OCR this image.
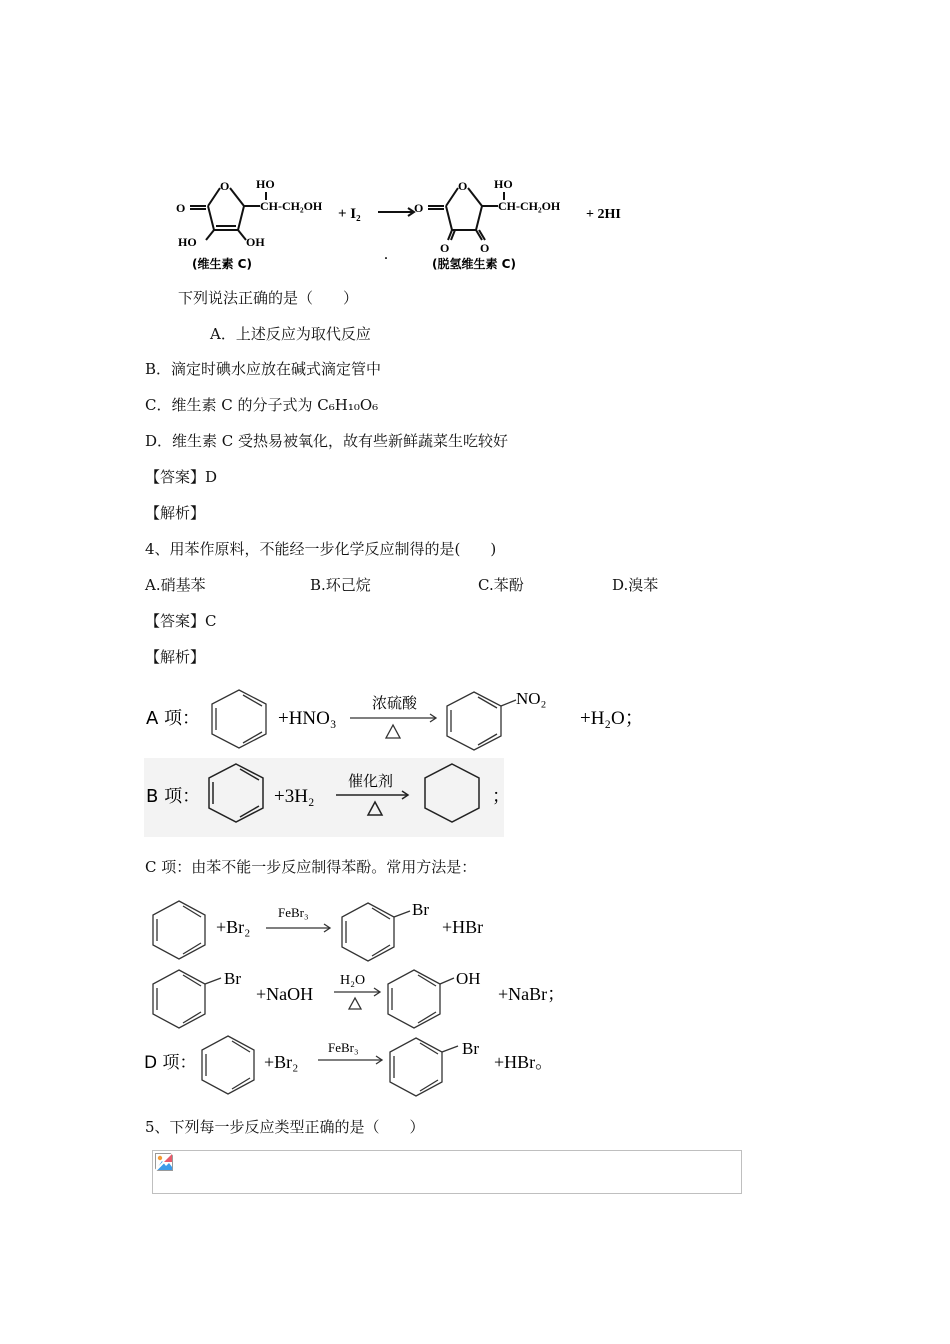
O
O
HO
CH-CH₂OH
HO	OH
+ I₂
O
O
HO
CH-CH₂OH
O	O
+ 2HI
(维生素 C)	·	(脱氢维生素 C)
下列说法正确的是（　　）
A．上述反应为取代反应
B．滴定时碘水应放在碱式滴定管中
C．维生素 C 的分子式为 C₆H₁₀O₆
D．维生素 C 受热易被氧化，故有些新鲜蔬菜生吃较好
【答案】D
【解析】
4、用苯作原料，不能经一步化学反应制得的是(　　)
A.硝基苯	B.环己烷	C.苯酚	D.溴苯
【答案】C
【解析】
A 项：	+HNO₃
浓硫酸	NO₂
+H₂O；
B 项：	+3H₂
催化剂
；
C 项：由苯不能一步反应制得苯酚。常用方法是：
+Br₂
FeBr₃	Br
+HBr
Br
+NaOH
H₂O	OH
+NaBr；
D 项：	+Br₂
FeBr₃	Br
+HBr。
5、下列每一步反应类型正确的是（　　）
